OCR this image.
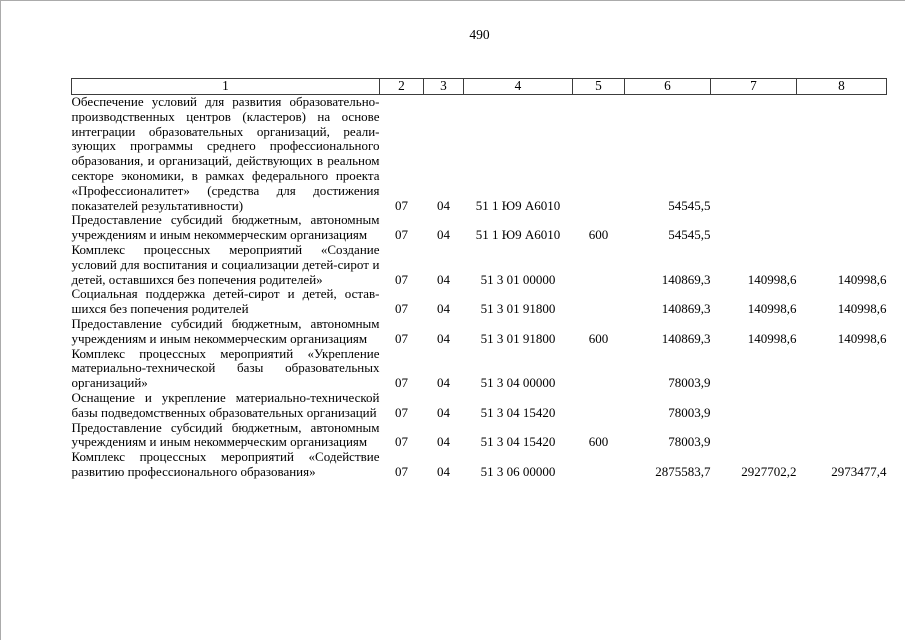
490
1	2	3	4	5	6	7	8
Обеспечение условий для развития образовательно-производственных центров (кластеров) на основе интеграции образовательных организаций, реализующих программы среднего профессионального образования, и организаций, действующих в реальном секторе экономики, в рамках федерального проекта «Профессионалитет» (средства для достижения показателей результативности)	07	04	51 1 Ю9 А6010		54545,5		
Предоставление субсидий бюджетным, автономным учреждениям и иным некоммерческим организациям	07	04	51 1 Ю9 А6010	600	54545,5		
Комплекс процессных мероприятий «Создание условий для воспитания и социализации детей-сирот и детей, оставшихся без попечения родителей»	07	04	51 3 01 00000		140869,3	140998,6	140998,6
Социальная поддержка детей-сирот и детей, оставшихся без попечения родителей	07	04	51 3 01 91800		140869,3	140998,6	140998,6
Предоставление субсидий бюджетным, автономным учреждениям и иным некоммерческим организациям	07	04	51 3 01 91800	600	140869,3	140998,6	140998,6
Комплекс процессных мероприятий «Укрепление материально-технической базы образовательных организаций»	07	04	51 3 04 00000		78003,9		
Оснащение и укрепление материально-технической базы подведомственных образовательных организаций	07	04	51 3 04 15420		78003,9		
Предоставление субсидий бюджетным, автономным учреждениям и иным некоммерческим организациям	07	04	51 3 04 15420	600	78003,9		
Комплекс процессных мероприятий «Содействие развитию профессионального образования»	07	04	51 3 06 00000		2875583,7	2927702,2	2973477,4
